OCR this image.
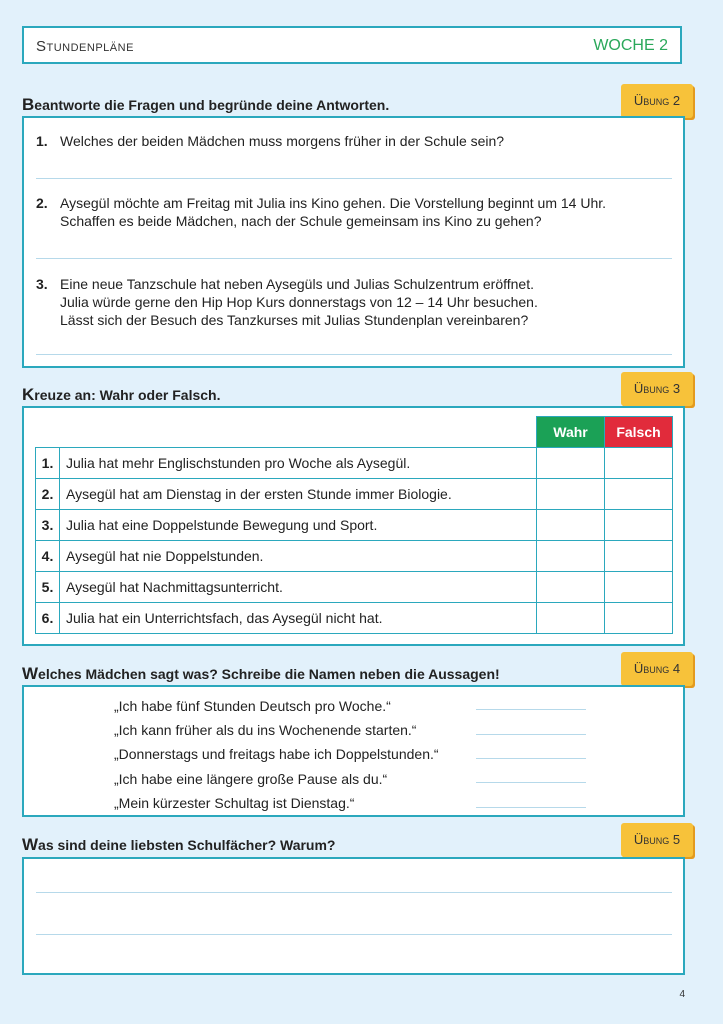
Stundenpläne	WOCHE 2
Beantworte die Fragen und begründe deine Antworten.	Übung 2
1. Welches der beiden Mädchen muss morgens früher in der Schule sein?
2. Aysegül möchte am Freitag mit Julia ins Kino gehen. Die Vorstellung beginnt um 14 Uhr.
Schaffen es beide Mädchen, nach der Schule gemeinsam ins Kino zu gehen?
3. Eine neue Tanzschule hat neben Aysegüls und Julias Schulzentrum eröffnet.
Julia würde gerne den Hip Hop Kurs donnerstags von 12 – 14 Uhr besuchen.
Lässt sich der Besuch des Tanzkurses mit Julias Stundenplan vereinbaren?
Kreuze an: Wahr oder Falsch.	Übung 3
		Wahr	Falsch
1.	Julia hat mehr Englischstunden pro Woche als Aysegül.		
2.	Aysegül hat am Dienstag in der ersten Stunde immer Biologie.		
3.	Julia hat eine Doppelstunde Bewegung und Sport.		
4.	Aysegül hat nie Doppelstunden.		
5.	Aysegül hat Nachmittagsunterricht.		
6.	Julia hat ein Unterrichtsfach, das Aysegül nicht hat.		
Welches Mädchen sagt was? Schreibe die Namen neben die Aussagen!	Übung 4
„Ich habe fünf Stunden Deutsch pro Woche.“
„Ich kann früher als du ins Wochenende starten.“
„Donnerstags und freitags habe ich Doppelstunden.“
„Ich habe eine längere große Pause als du.“
„Mein kürzester Schultag ist Dienstag.“
Was sind deine liebsten Schulfächer? Warum?	Übung 5
4
